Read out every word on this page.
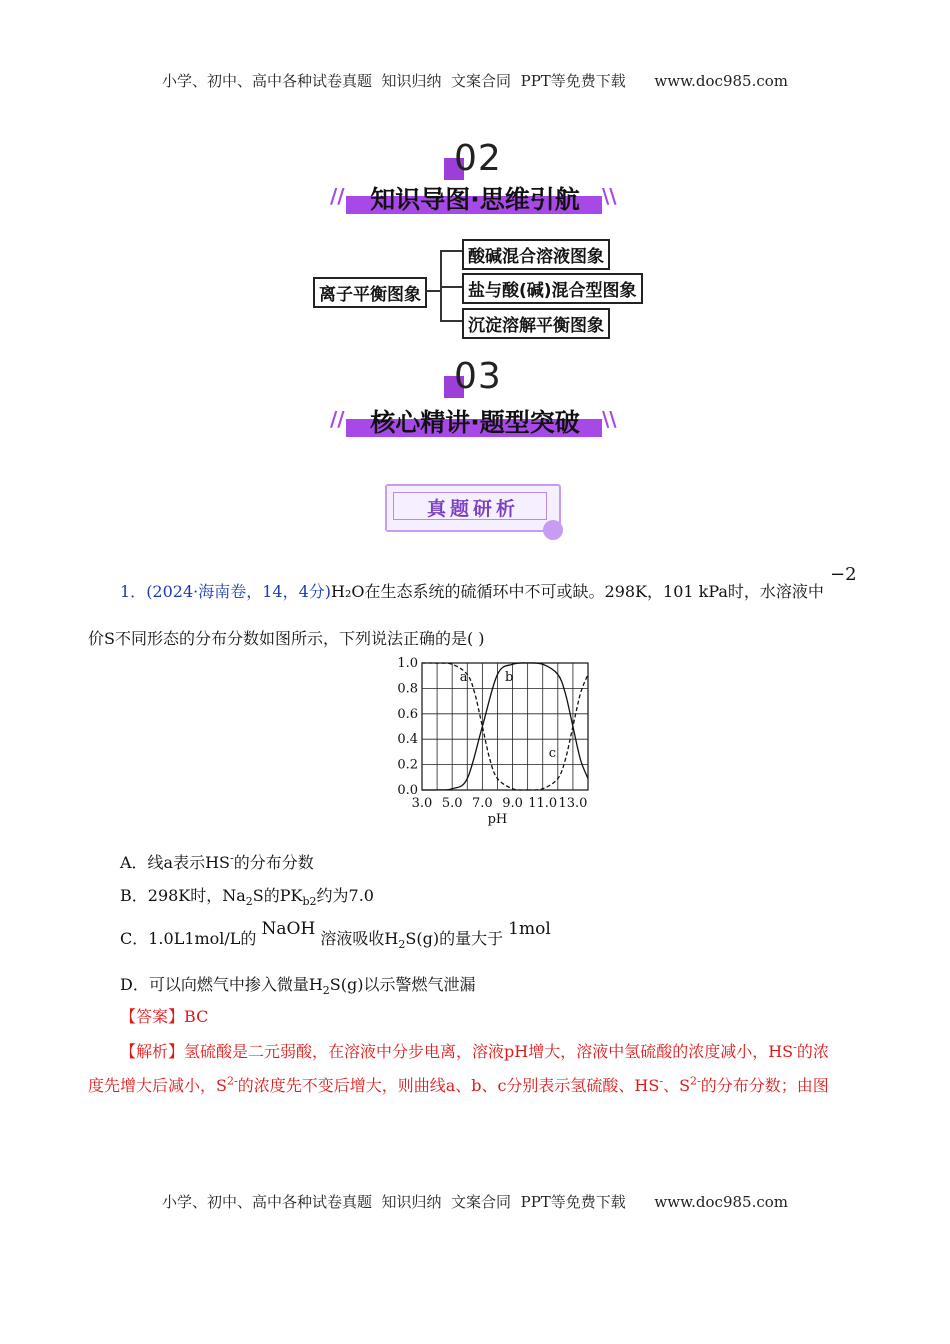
小学、初中、高中各种试卷真题  知识归纳  文案合同  PPT等免费下载 www.doc985.com
02
//	\\
知识导图·思维引航
离子平衡图象
酸碱混合溶液图象
盐与酸(碱)混合型图象
沉淀溶解平衡图象
03
//	\\
核心精讲·题型突破
真题研析
1．(2024·海南卷，14，4分)H₂O在生态系统的硫循环中不可或缺。298K，101 kPa时，水溶液中
−2
价S不同形态的分布分数如图所示，下列说法正确的是( )
0.0
0.2
0.4
0.6
0.8
1.0
3.0 5.0 7.0 9.0 11.0 13.0
a	b
c
pH
A．线a表示HS-的分布分数
B．298K时，$Na_2S$的$PK_{b2}$约为7.0
C．1.0L1mol/L的 NaOH 溶液吸收$H_2S(g)$的量大于 1mol
D．可以向燃气中掺入微量$H_2S(g)$以示警燃气泄漏
【答案】BC
【解析】氢硫酸是二元弱酸，在溶液中分步电离，溶液pH增大，溶液中氢硫酸的浓度减小，HS-的浓
度先增大后减小，$S^{2-}$的浓度先不变后增大，则曲线a、b、c分别表示氢硫酸、HS-、$S^{2-}$的分布分数；由图
小学、初中、高中各种试卷真题  知识归纳  文案合同  PPT等免费下载 www.doc985.com
